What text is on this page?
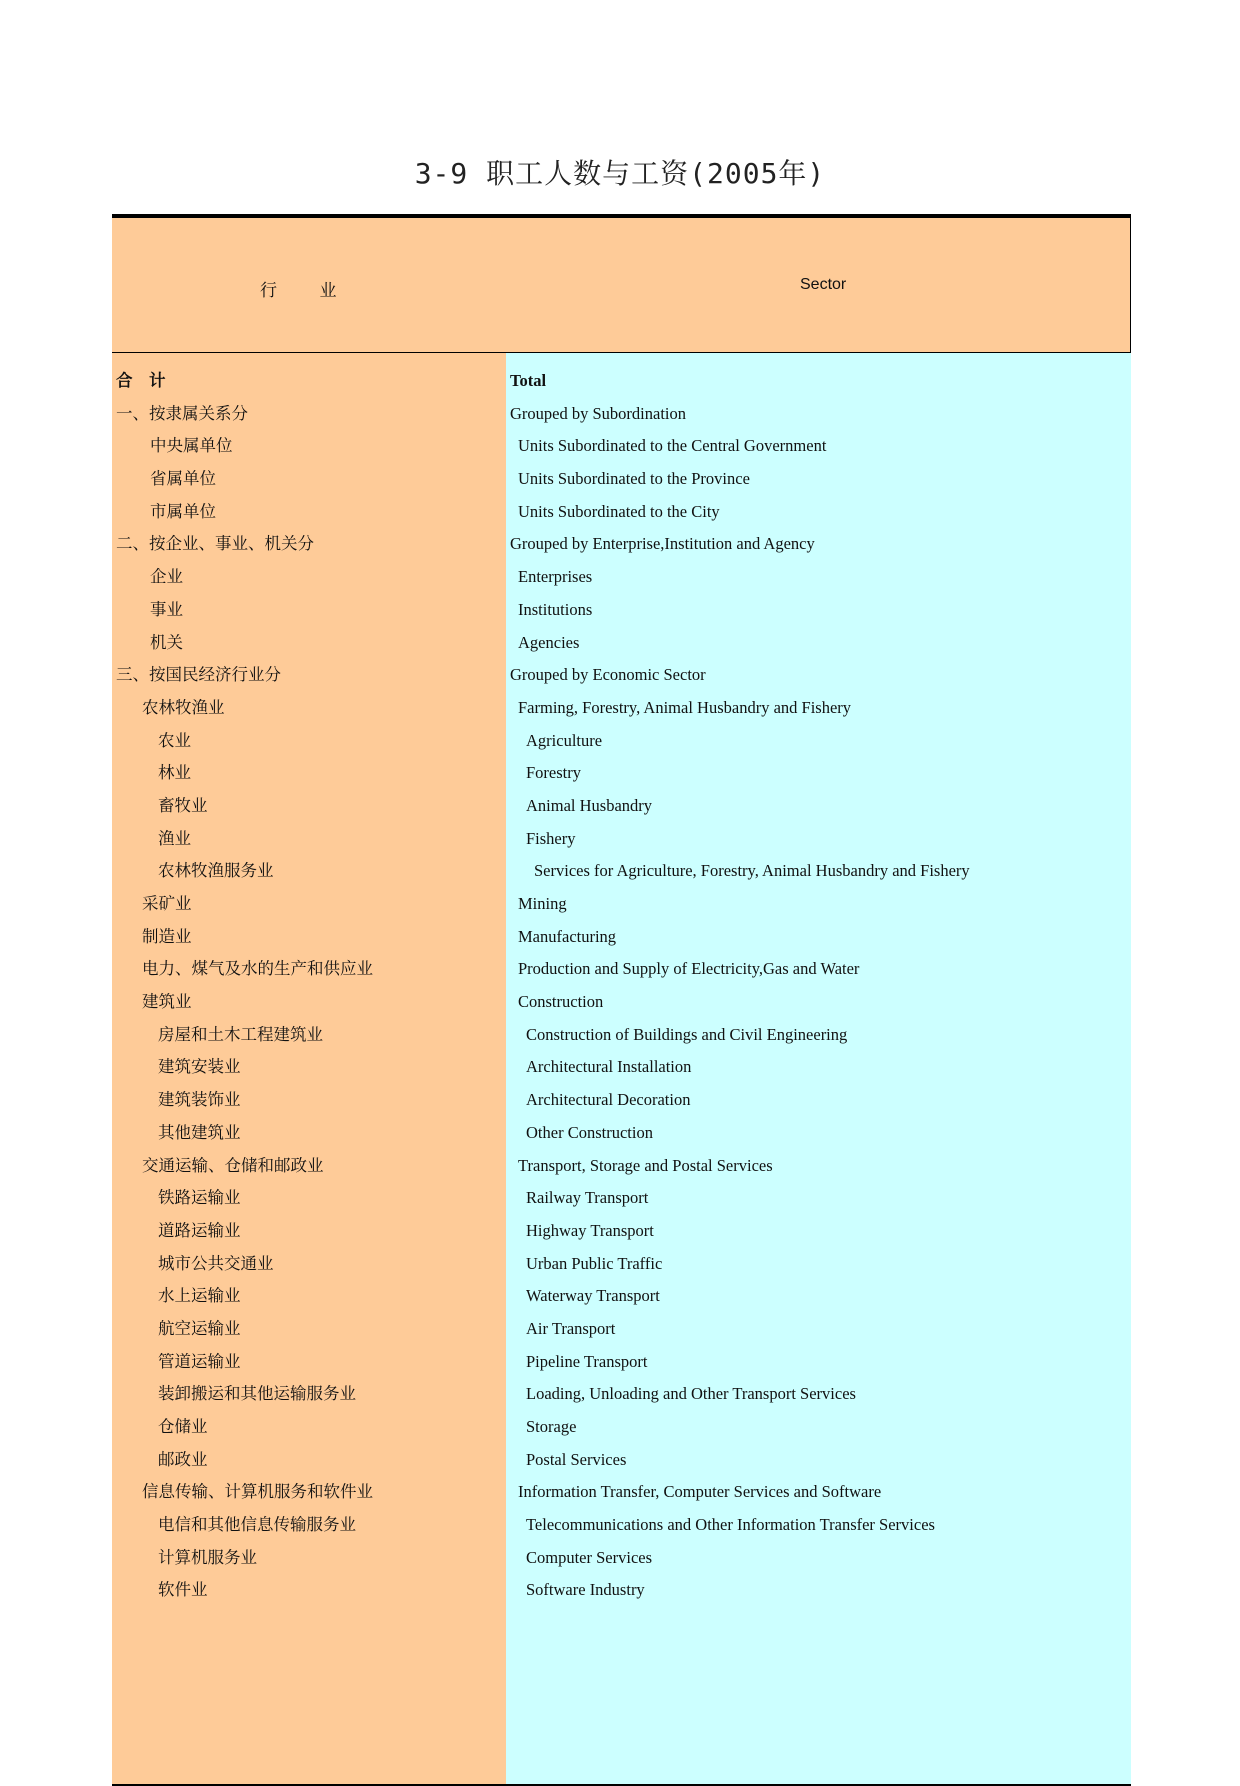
3-9 职工人数与工资(2005年)
行          业	Sector
合    计
一、按隶属关系分
中央属单位
省属单位
市属单位
二、按企业、事业、机关分
企业
事业
机关
三、按国民经济行业分
农林牧渔业
农业
林业
畜牧业
渔业
农林牧渔服务业
采矿业
制造业
电力、煤气及水的生产和供应业
建筑业
房屋和土木工程建筑业
建筑安装业
建筑装饰业
其他建筑业
交通运输、仓储和邮政业
铁路运输业
道路运输业
城市公共交通业
水上运输业
航空运输业
管道运输业
装卸搬运和其他运输服务业
仓储业
邮政业
信息传输、计算机服务和软件业
电信和其他信息传输服务业
计算机服务业
软件业
Total
Grouped by Subordination
Units Subordinated to the Central Government
Units Subordinated to the Province
Units Subordinated to the City
Grouped by Enterprise,Institution and Agency
Enterprises
Institutions
Agencies
Grouped by Economic Sector
Farming, Forestry, Animal Husbandry and Fishery
Agriculture
Forestry
Animal Husbandry
Fishery
Services for Agriculture, Forestry, Animal Husbandry and Fishery
Mining
Manufacturing
Production and Supply of Electricity,Gas and Water
Construction
Construction of Buildings and Civil Engineering
Architectural Installation
Architectural Decoration
Other Construction
Transport, Storage and Postal Services
Railway Transport
Highway Transport
Urban Public Traffic
Waterway Transport
Air Transport
Pipeline Transport
Loading, Unloading and Other Transport Services
Storage
Postal Services
Information Transfer, Computer Services and Software
Telecommunications and Other Information Transfer Services
Computer Services
Software Industry
